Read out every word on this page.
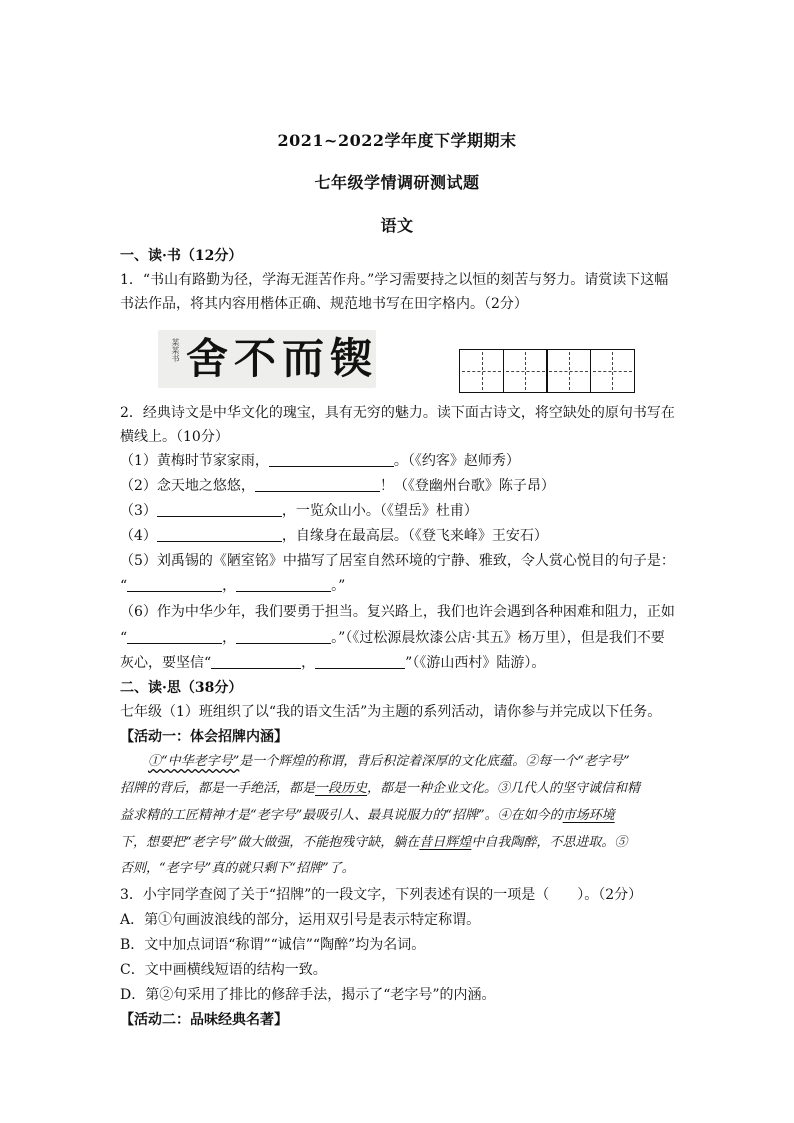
2021~2022学年度下学期期末
七年级学情调研测试题
语文
一、读·书（12分）
1．“书山有路勤为径，学海无涯苦作舟。”学习需要持之以恒的刻苦与努力。请赏读下这幅
书法作品，将其内容用楷体正确、规范地书写在田字格内。（2分）
某某书 舍 不 而 锲
2．经典诗文是中华文化的瑰宝，具有无穷的魅力。读下面古诗文，将空缺处的原句书写在
横线上。（10分）
（1）黄梅时节家家雨，	。（《约客》赵师秀）
（2）念天地之悠悠，	！（《登幽州台歌》陈子昂）
（3）	，一览众山小。（《望岳》杜甫）
（4）	，自缘身在最高层。（《登飞来峰》王安石）
（5）刘禹锡的《陋室铭》中描写了居室自然环境的宁静、雅致，令人赏心悦目的句子是：
“	，	。”
（6）作为中华少年，我们要勇于担当。复兴路上，我们也许会遇到各种困难和阻力，正如
“	，	。”（《过松源晨炊漆公店·其五》杨万里），但是我们不要
灰心，要坚信“	，	”（《游山西村》陆游）。
二、读·思（38分）
七年级（1）班组织了以“我的语文生活”为主题的系列活动，请你参与并完成以下任务。
【活动一：体会招牌内涵】
①“中华老字号”是一个辉煌的称谓，背后积淀着深厚的文化底蕴。②每一个“老字号”
招牌的背后，都是一手绝活，都是一段历史，都是一种企业文化。③几代人的坚守诚信和精
益求精的工匠精神才是“老字号”最吸引人、最具说服力的“招牌”。④在如今的市场环境
下，想要把“老字号”做大做强，不能抱残守缺，躺在昔日辉煌中自我陶醉，不思进取。⑤
否则，“老字号”真的就只剩下“招牌”了。
3．小宇同学查阅了关于“招牌”的一段文字，下列表述有误的一项是（　　）。（2分）
A．第①句画波浪线的部分，运用双引号是表示特定称谓。
B．文中加点词语“称谓”“诚信”“陶醉”均为名词。
C．文中画横线短语的结构一致。
D．第②句采用了排比的修辞手法，揭示了“老字号”的内涵。
【活动二：品味经典名著】
